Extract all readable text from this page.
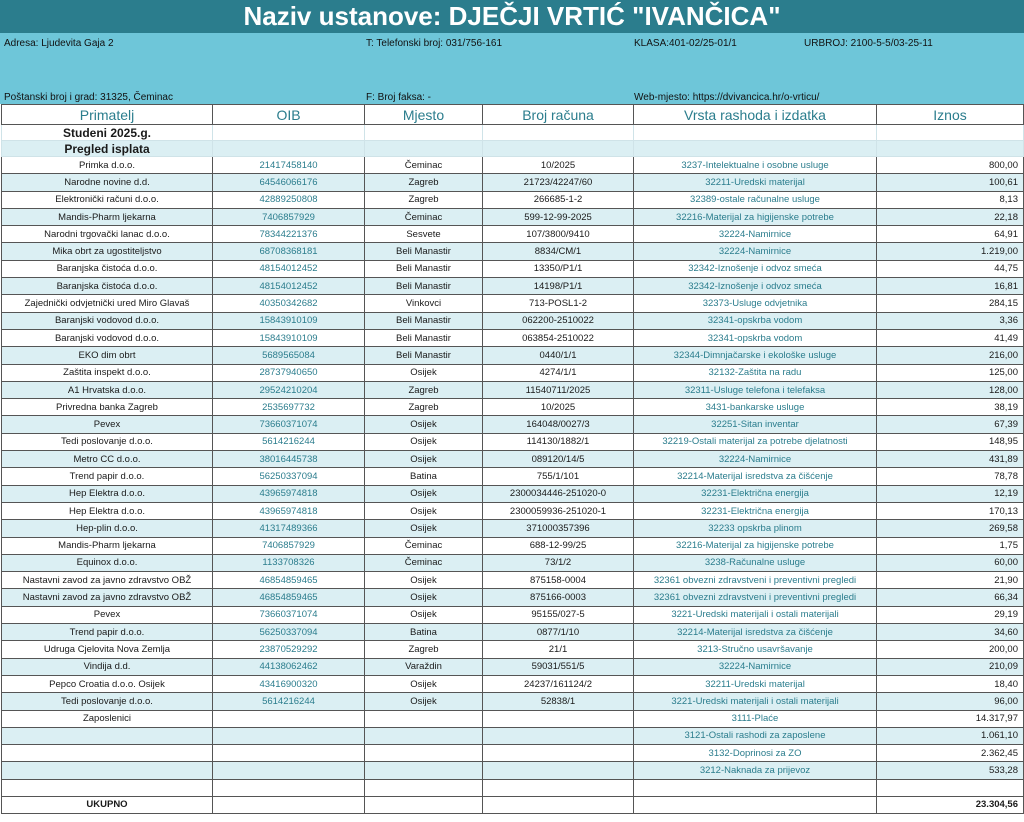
Naziv ustanove: DJEČJI VRTIĆ "IVANČICA"
Adresa: Ljudevita Gaja 2	T: Telefonski broj: 031/756-161	KLASA:401-02/25-01/1	URBROJ: 2100-5-5/03-25-11
Poštanski broj i grad: 31325, Čeminac	F: Broj faksa: -	Web-mjesto: https://dvivancica.hr/o-vrticu/
Studeni 2025.g.					
Pregled isplata					
Primatelj	OIB	Mjesto	Broj računa	Vrsta rashoda i izdatka	Iznos
Primka d.o.o.	21417458140	Čeminac	10/2025	3237-Intelektualne i osobne usluge	800,00
Narodne novine d.d.	64546066176	Zagreb	21723/42247/60	32211-Uredski materijal	100,61
Elektronički računi d.o.o.	42889250808	Zagreb	266685-1-2	32389-ostale računalne usluge	8,13
Mandis-Pharm ljekarna	7406857929	Čeminac	599-12-99-2025	32216-Materijal za higijenske potrebe	22,18
Narodni trgovački lanac d.o.o.	78344221376	Sesvete	107/3800/9410	32224-Namirnice	64,91
Mika obrt za ugostiteljstvo	68708368181	Beli Manastir	8834/CM/1	32224-Namirnice	1.219,00
Baranjska čistoća d.o.o.	48154012452	Beli Manastir	13350/P1/1	32342-Iznošenje i odvoz smeća	44,75
Baranjska čistoća d.o.o.	48154012452	Beli Manastir	14198/P1/1	32342-Iznošenje i odvoz smeća	16,81
Zajednički odvjetnički ured Miro Glavaš	40350342682	Vinkovci	713-POSL1-2	32373-Usluge odvjetnika	284,15
Baranjski vodovod d.o.o.	15843910109	Beli Manastir	062200-2510022	32341-opskrba vodom	3,36
Baranjski vodovod d.o.o.	15843910109	Beli Manastir	063854-2510022	32341-opskrba vodom	41,49
EKO dim obrt	5689565084	Beli Manastir	0440/1/1	32344-Dimnjačarske i ekološke usluge	216,00
Zaštita inspekt d.o.o.	28737940650	Osijek	4274/1/1	32132-Zaštita na radu	125,00
A1 Hrvatska d.o.o.	29524210204	Zagreb	11540711/2025	32311-Usluge telefona i telefaksa	128,00
Privredna banka Zagreb	2535697732	Zagreb	10/2025	3431-bankarske usluge	38,19
Pevex	73660371074	Osijek	164048/0027/3	32251-Sitan inventar	67,39
Tedi poslovanje d.o.o.	5614216244	Osijek	114130/1882/1	32219-Ostali materijal za potrebe djelatnosti	148,95
Metro CC d.o.o.	38016445738	Osijek	089120/14/5	32224-Namirnice	431,89
Trend papir d.o.o.	56250337094	Batina	755/1/101	32214-Materijal isredstva za čišćenje	78,78
Hep Elektra d.o.o.	43965974818	Osijek	2300034446-251020-0	32231-Električna energija	12,19
Hep Elektra d.o.o.	43965974818	Osijek	2300059936-251020-1	32231-Električna energija	170,13
Hep-plin d.o.o.	41317489366	Osijek	371000357396	32233 opskrba plinom	269,58
Mandis-Pharm ljekarna	7406857929	Čeminac	688-12-99/25	32216-Materijal za higijenske potrebe	1,75
Equinox d.o.o.	1133708326	Čeminac	73/1/2	3238-Računalne usluge	60,00
Nastavni zavod za javno zdravstvo OBŽ	46854859465	Osijek	875158-0004	32361 obvezni zdravstveni i preventivni pregledi	21,90
Nastavni zavod za javno zdravstvo OBŽ	46854859465	Osijek	875166-0003	32361 obvezni zdravstveni i preventivni pregledi	66,34
Pevex	73660371074	Osijek	95155/027-5	3221-Uredski materijali i ostali materijali	29,19
Trend papir d.o.o.	56250337094	Batina	0877/1/10	32214-Materijal isredstva za čišćenje	34,60
Udruga Cjelovita Nova Zemlja	23870529292	Zagreb	21/1	3213-Stručno usavršavanje	200,00
Vindija d.d.	44138062462	Varaždin	59031/551/5	32224-Namirnice	210,09
Pepco Croatia d.o.o. Osijek	43416900320	Osijek	24237/161124/2	32211-Uredski materijal	18,40
Tedi poslovanje d.o.o.	5614216244	Osijek	52838/1	3221-Uredski materijali i ostali materijali	96,00
Zaposlenici				3111-Plaće	14.317,97
				3121-Ostali rashodi za zaposlene	1.061,10
				3132-Doprinosi za ZO	2.362,45
				3212-Naknada za prijevoz	533,28

UKUPNO					23.304,56
